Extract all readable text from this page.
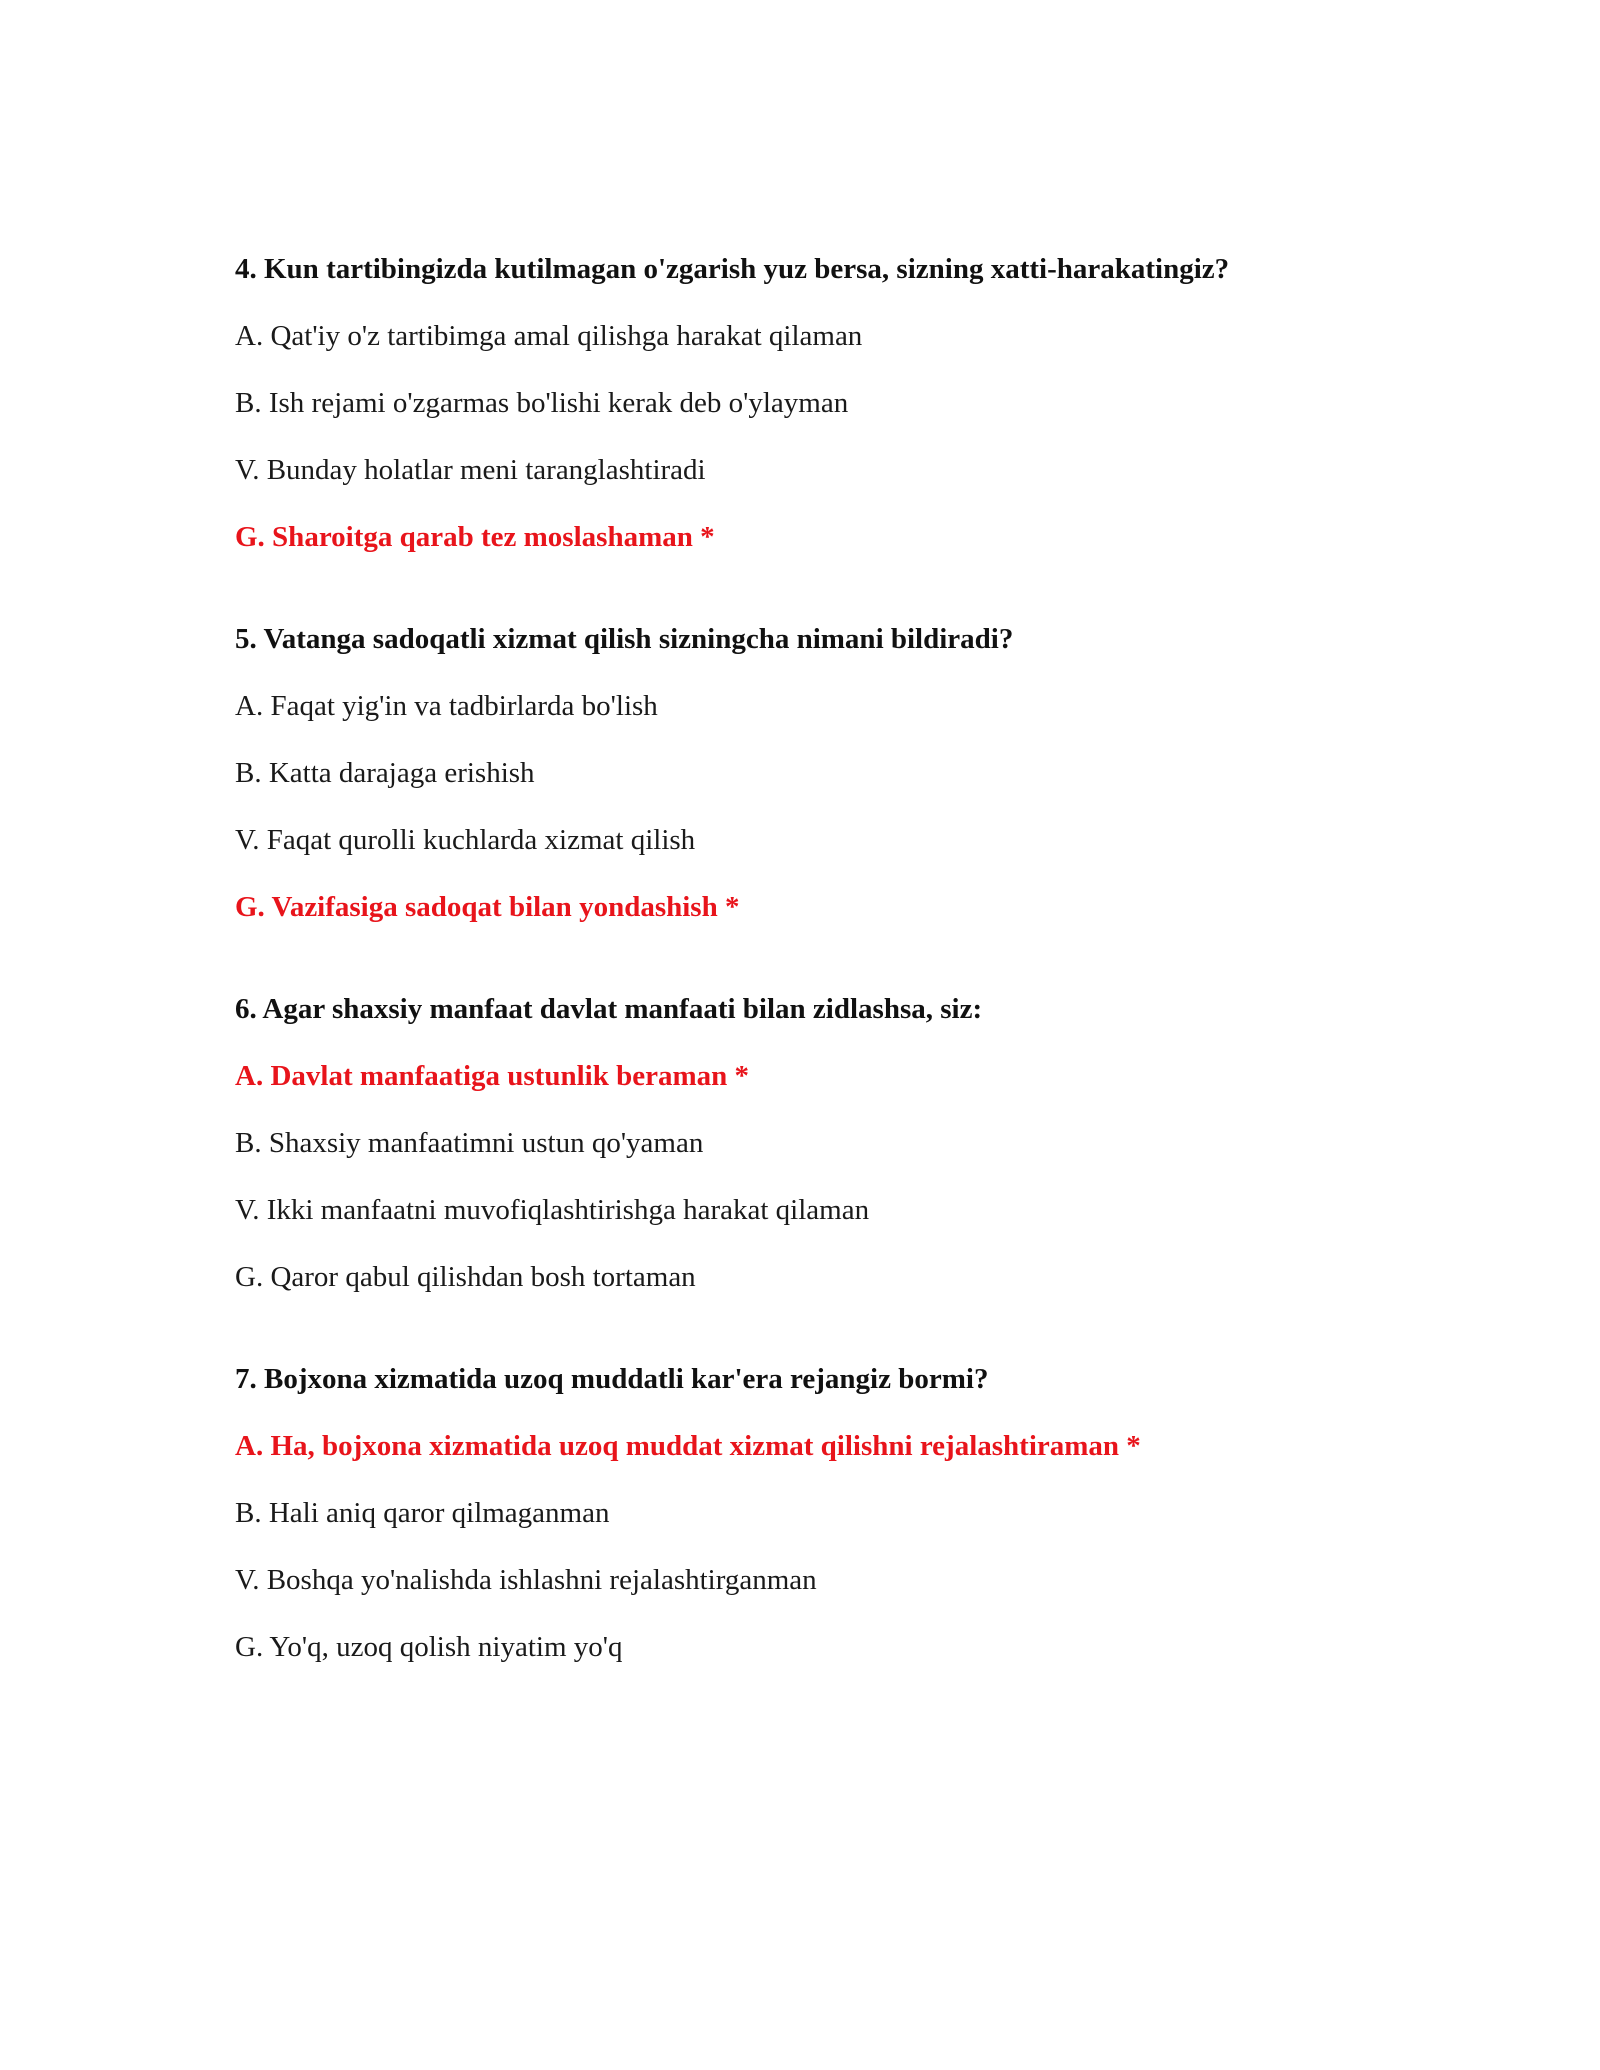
4. Kun tartibingizda kutilmagan o'zgarish yuz bersa, sizning xatti-harakatingiz?

A. Qat'iy o'z tartibimga amal qilishga harakat qilaman

B. Ish rejami o'zgarmas bo'lishi kerak deb o'ylayman

V. Bunday holatlar meni taranglashtiradi

G. Sharoitga qarab tez moslashaman *

5. Vatanga sadoqatli xizmat qilish sizningcha nimani bildiradi?

A. Faqat yig'in va tadbirlarda bo'lish

B. Katta darajaga erishish

V. Faqat qurolli kuchlarda xizmat qilish

G. Vazifasiga sadoqat bilan yondashish *

6. Agar shaxsiy manfaat davlat manfaati bilan zidlashsa, siz:

A. Davlat manfaatiga ustunlik beraman *

B. Shaxsiy manfaatimni ustun qo'yaman

V. Ikki manfaatni muvofiqlashtirishga harakat qilaman

G. Qaror qabul qilishdan bosh tortaman

7. Bojxona xizmatida uzoq muddatli kar'era rejangiz bormi?

A. Ha, bojxona xizmatida uzoq muddat xizmat qilishni rejalashtiraman *

B. Hali aniq qaror qilmaganman

V. Boshqa yo'nalishda ishlashni rejalashtirganman

G. Yo'q, uzoq qolish niyatim yo'q
